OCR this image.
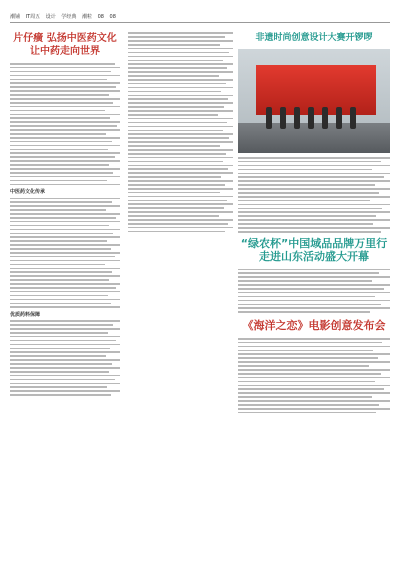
潮铺 IT周五 设计 学经典 潮粒 08 08
片仔癀 弘扬中医药文化让中药走向世界
中医药文化传承
优质药料保障
非遗时尚创意设计大赛开锣啰
“绿农杯”中国域品品牌万里行 走进山东活动盛大开幕
《海洋之恋》电影创意发布会
